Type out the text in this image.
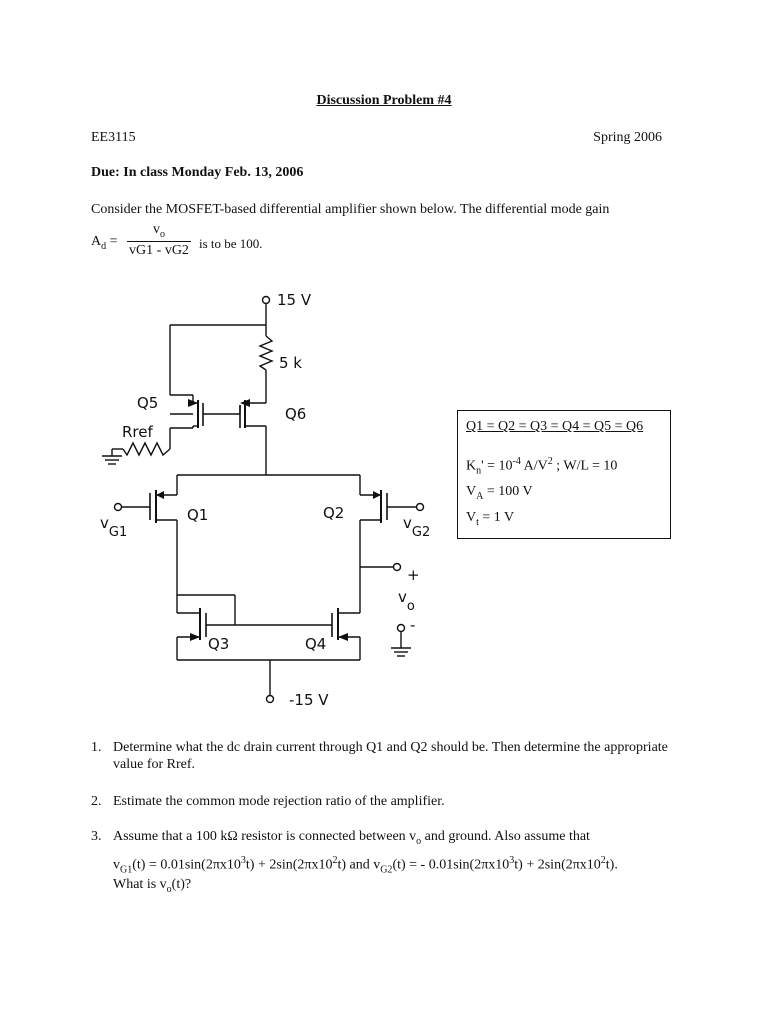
Discussion Problem #4
EE3115	Spring 2006
Due: In class Monday Feb. 13, 2006
Consider the MOSFET-based differential amplifier shown below. The differential mode gain
$A_d$ =
$v_o$
vG1 - vG2 is to be 100.
15 V
5 k
Q5
Q6
Rref
Q1	Q2
vG1
vG2
+
vo
-
Q3	Q4
-15 V
Q1 = Q2 = Q3 = Q4 = Q5 = Q6
$K_n' = 10^{-4}$ $A/V^2$ ; W/L = 10
$V_A = 100$ V
$V_t = 1$ V
1. Determine what the dc drain current through Q1 and Q2 should be. Then determine the appropriate value for Rref.
2. Estimate the common mode rejection ratio of the amplifier.
3. Assume that a 100 kΩ resistor is connected between $v_o$ and ground. Also assume that
$v_{G1}(t) = 0.01\sin(2\pi x10^3t) + 2\sin(2\pi x10^2t)$ and $v_{G2}(t)$ = - $0.01\sin(2\pi x10^3t) + 2\sin(2\pi x10^2t)$.
What is $v_o(t)$?
